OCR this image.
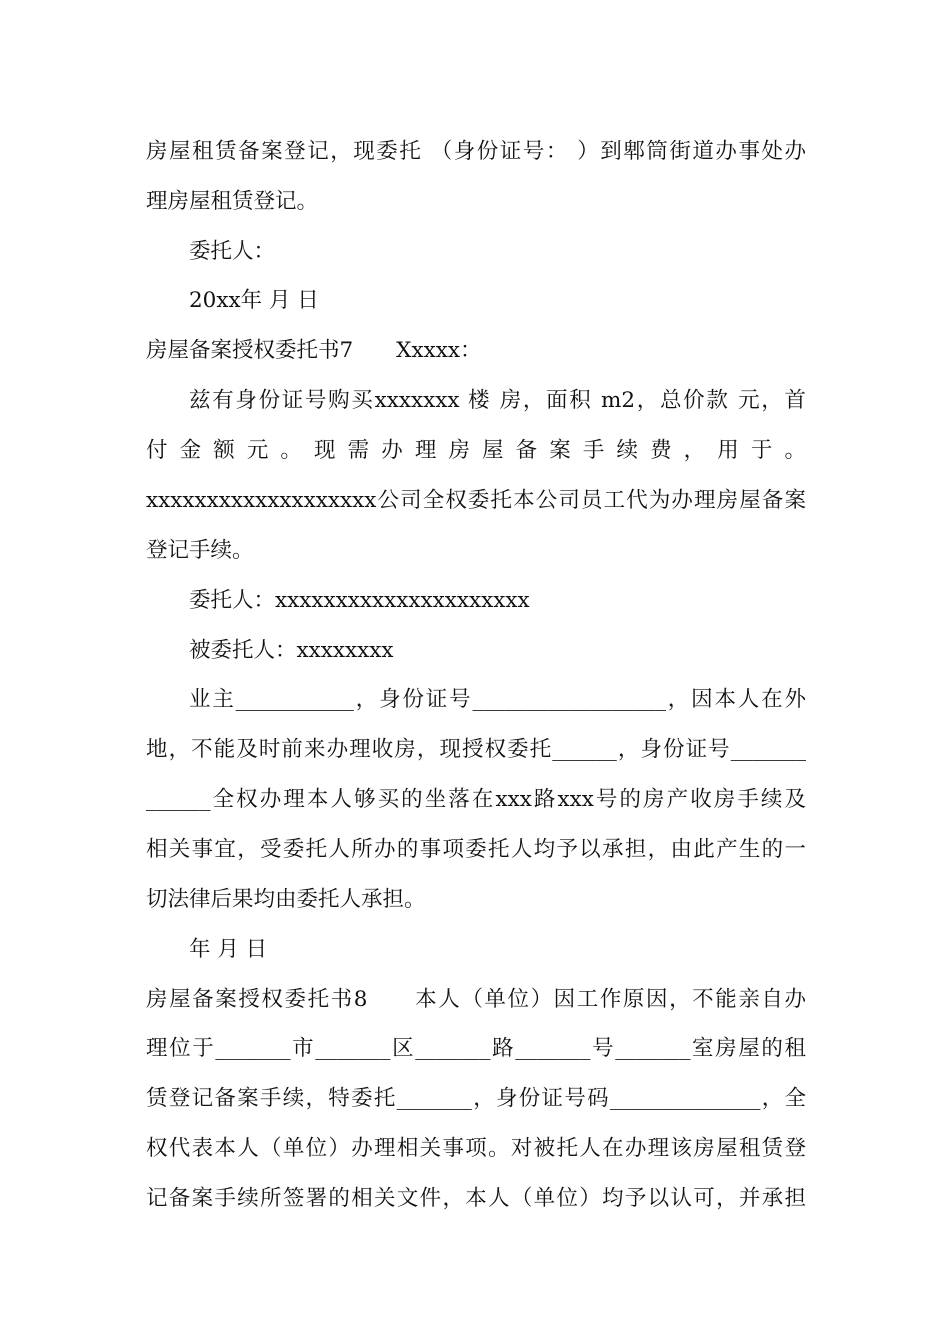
房屋租赁备案登记，现委托 （身份证号： ）到郫筒街道办事处办
理房屋租赁登记。
委托人：
20xx年 月 日
房屋备案授权委托书7　　Xxxxx：
兹有身份证号购买xxxxxxx 楼 房，面积 m2，总价款 元，首
付 金 额 元 。 现 需 办 理 房 屋 备 案 手 续 费 ， 用 于 。
xxxxxxxxxxxxxxxxxxx公司全权委托本公司员工代为办理房屋备案
登记手续。
委托人：xxxxxxxxxxxxxxxxxxxxx
被委托人：xxxxxxxx
业主___________，身份证号__________________，因本人在外
地，不能及时前来办理收房，现授权委托______，身份证号_______
______全权办理本人够买的坐落在xxx路xxx号的房产收房手续及
相关事宜，受委托人所办的事项委托人均予以承担，由此产生的一
切法律后果均由委托人承担。
年 月 日
房屋备案授权委托书8　　本人（单位）因工作原因，不能亲自办
理位于_______市_______区_______路_______号_______室房屋的租
赁登记备案手续，特委托_______，身份证号码______________，全
权代表本人（单位）办理相关事项。对被托人在办理该房屋租赁登
记备案手续所签署的相关文件，本人（单位）均予以认可，并承担
